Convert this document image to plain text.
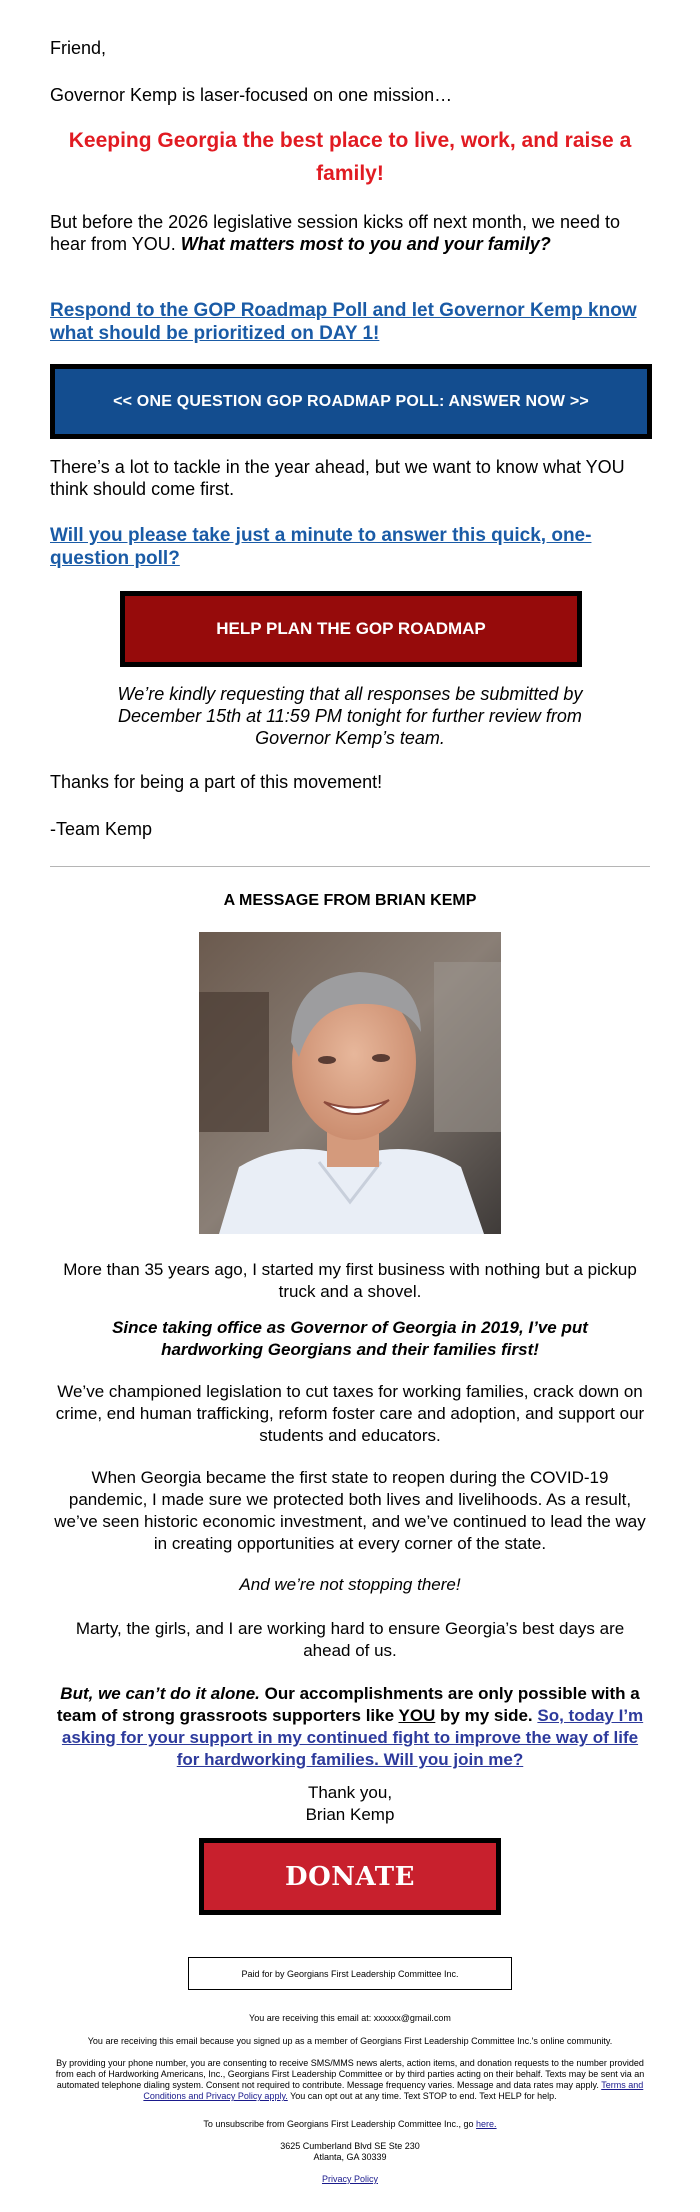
Friend,

Governor Kemp is laser-focused on one mission…

Keeping Georgia the best place to live, work, and raise a family!

But before the 2026 legislative session kicks off next month, we need to hear from YOU. What matters most to you and your family?

Respond to the GOP Roadmap Poll and let Governor Kemp know what should be prioritized on DAY 1!

<< ONE QUESTION GOP ROADMAP POLL: ANSWER NOW >>

There’s a lot to tackle in the year ahead, but we want to know what YOU think should come first.

Will you please take just a minute to answer this quick, one-question poll?

HELP PLAN THE GOP ROADMAP

We’re kindly requesting that all responses be submitted by December 15th at 11:59 PM tonight for further review from Governor Kemp’s team.

Thanks for being a part of this movement!

-Team Kemp

A MESSAGE FROM BRIAN KEMP

More than 35 years ago, I started my first business with nothing but a pickup truck and a shovel.

Since taking office as Governor of Georgia in 2019, I’ve put hardworking Georgians and their families first!

We’ve championed legislation to cut taxes for working families, crack down on crime, end human trafficking, reform foster care and adoption, and support our students and educators.

When Georgia became the first state to reopen during the COVID-19 pandemic, I made sure we protected both lives and livelihoods. As a result, we’ve seen historic economic investment, and we’ve continued to lead the way in creating opportunities at every corner of the state.

And we’re not stopping there!

Marty, the girls, and I are working hard to ensure Georgia’s best days are ahead of us.

But, we can’t do it alone. Our accomplishments are only possible with a team of strong grassroots supporters like YOU by my side. So, today I’m asking for your support in my continued fight to improve the way of life for hardworking families. Will you join me?

Thank you,

Brian Kemp

DONATE
Paid for by Georgians First Leadership Committee Inc.

You are receiving this email at: xxxxxx@gmail.com

You are receiving this email because you signed up as a member of Georgians First Leadership Committee Inc.'s online community.

By providing your phone number, you are consenting to receive SMS/MMS news alerts, action items, and donation requests to the number provided from each of Hardworking Americans, Inc., Georgians First Leadership Committee or by third parties acting on their behalf. Texts may be sent via an automated telephone dialing system. Consent not required to contribute. Message frequency varies. Message and data rates may apply. Terms and Conditions and Privacy Policy apply. You can opt out at any time. Text STOP to end. Text HELP for help.

To unsubscribe from Georgians First Leadership Committee Inc., go here.

3625 Cumberland Blvd SE Ste 230

Atlanta, GA 30339

Privacy Policy
